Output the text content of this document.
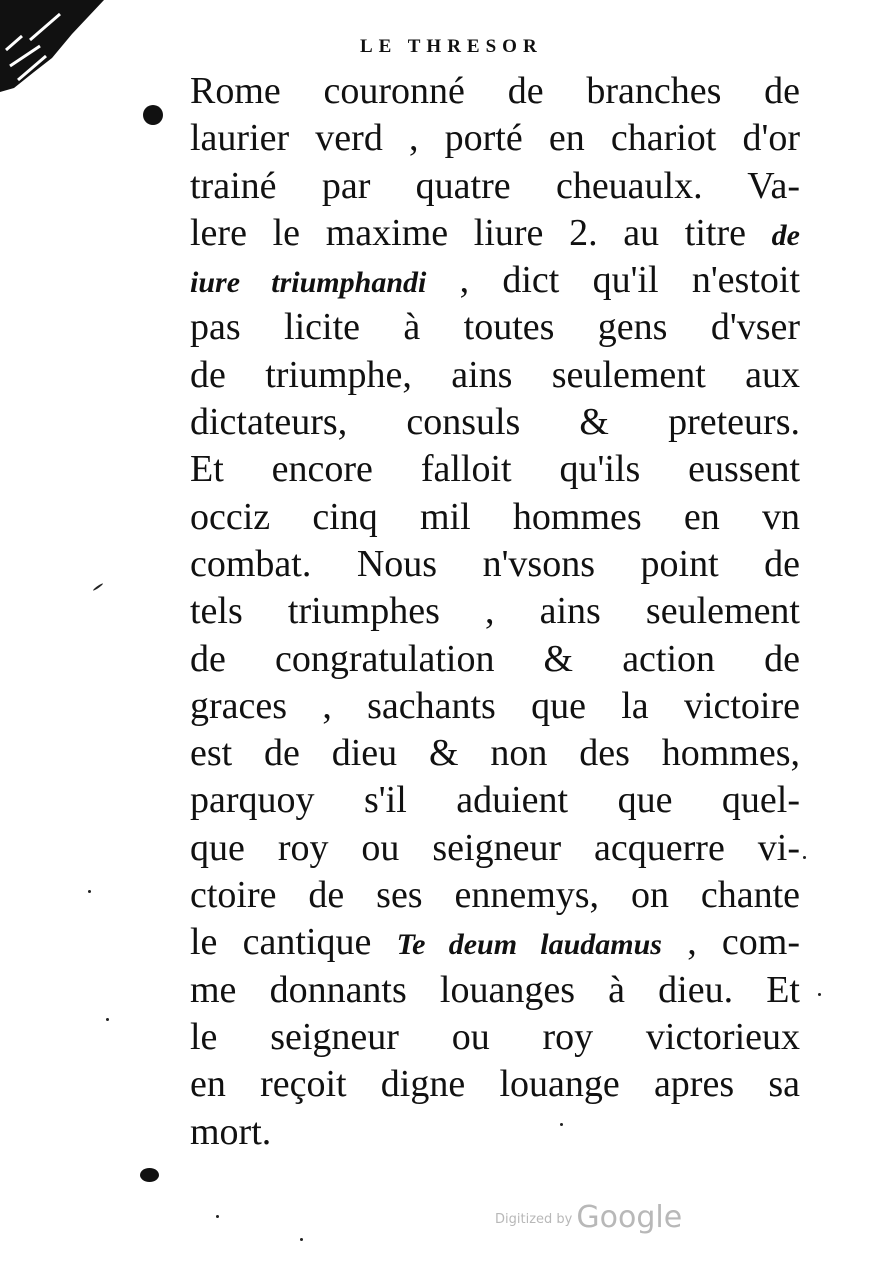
LE THRESOR
Rome couronné de branches de
laurier verd , porté en chariot d'or
trainé par quatre cheuaulx. Va-
lere le maxime liure 2. au titre de
iure triumphandi , dict qu'il n'estoit
pas licite à toutes gens d'vser
de triumphe, ains seulement aux
dictateurs, consuls & preteurs.
Et encore falloit qu'ils eussent
occiz cinq mil hommes en vn
combat. Nous n'vsons point de
tels triumphes , ains seulement
de congratulation & action de
graces , sachants que la victoire
est de dieu & non des hommes,
parquoy s'il aduient que quel-
que roy ou seigneur acquerre vi-
ctoire de ses ennemys, on chante
le cantique Te deum laudamus , com-
me donnants louanges à dieu. Et
le seigneur ou roy victorieux
en reçoit digne louange apres sa
mort.
$^{Digitized by}$ Google
